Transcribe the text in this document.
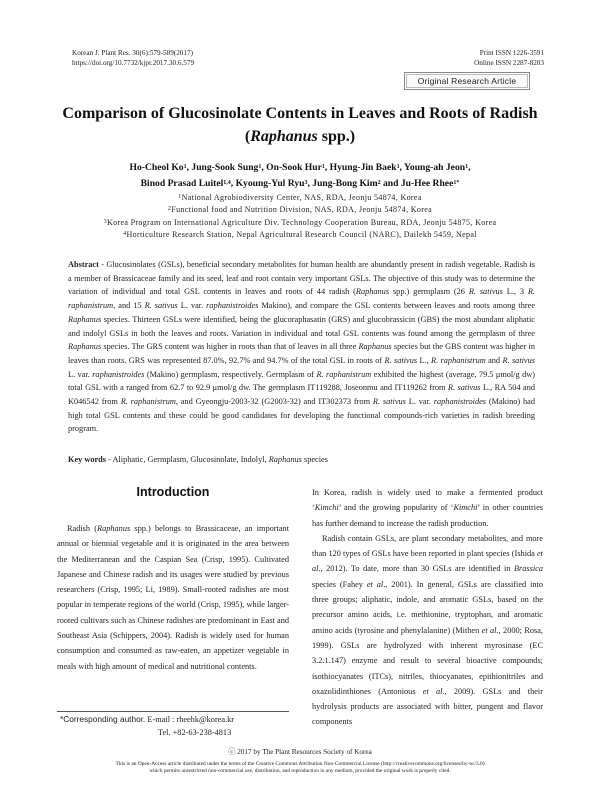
Korean J. Plant Res. 30(6):579-589(2017)
https://doi.org/10.7732/kjpr.2017.30.6.579
Print ISSN 1226-3591
Online ISSN 2287-8203
Original Research Article
Comparison of Glucosinolate Contents in Leaves and Roots of Radish
(Raphanus spp.)
Ho-Cheol Ko$^1$, Jung-Sook Sung$^1$, On-Sook Hur$^1$, Hyung-Jin Baek$^1$, Young-ah Jeon$^1$,
Binod Prasad Luitel$^{1,4}$, Kyoung-Yul Ryu$^3$, Jung-Bong Kim$^2$ and Ju-Hee Rhee$^{1*}$
$^1$National Agrobiodiversity Center, NAS, RDA, Jeonju 54874, Korea
$^2$Functional food and Nutrition Division, NAS, RDA, Jeonju 54874, Korea
$^3$Korea Program on International Agriculture Div. Technology Cooperation Bureau, RDA, Jeonju 54875, Korea
$^4$Horticulture Research Station, Nepal Agricultural Research Council (NARC), Dailekh 5459, Nepal
Abstract - Glucosinolates (GSLs), beneficial secondary metabolites for human health are abundantly present in radish vegetable. Radish is a member of Brassicaceae family and its seed, leaf and root contain very important GSLs. The objective of this study was to determine the variation of individual and total GSL contents in leaves and roots of 44 radish (Raphanus spp.) germplasm (26 R. sativus L., 3 R. raphanistrum, and 15 R. sativus L. var. raphanistroides Makino), and compare the GSL contents between leaves and roots among three Raphanus species. Thirteen GSLs were identified, being the glucoraphasatin (GRS) and glucobrassicin (GBS) the most abundant aliphatic and indolyl GSLs in both the leaves and roots. Variation in individual and total GSL contents was found among the germplasm of three Raphanus species. The GRS content was higher in roots than that of leaves in all three Raphanus species but the GBS content was higher in leaves than roots. GRS was represented 87.0%, 92.7% and 94.7% of the total GSL in roots of R. sativus L., R. raphanistrum and R. sativus L. var. raphanistroides (Makino) germplasm, respectively. Germplasm of R. raphanistrum exhibited the highest (average, 79.5 μmol/g dw) total GSL with a ranged from 62.7 to 92.9 μmol/g dw. The germplasm IT119288, Joseonmu and IT119262 from R. sativus L., RA 504 and K046542 from R. raphanistrum, and Gyeongju-2003-32 (G2003-32) and IT302373 from R. sativus L. var. raphanistroides (Makino) had high total GSL contents and these could be good candidates for developing the functional compounds-rich varieties in radish breeding program.
Key words - Aliphatic, Germplasm, Glucosinolate, Indolyl, Raphanus species
Introduction

Radish (Raphanus spp.) belongs to Brassicaceae, an important annual or biennial vegetable and it is originated in the area between the Mediterranean and the Caspian Sea (Crisp, 1995). Cultivated Japanese and Chinese radish and its usages were studied by previous researchers (Crisp, 1995; Li, 1989). Small-rooted radishes are most popular in temperate regions of the world (Crisp, 1995), while larger-rooted cultivars such as Chinese radishes are predominant in East and Southeast Asia (Schippers, 2004). Radish is widely used for human consumption and consumed as raw-eaten, an appetizer vegetable in meals with high amount of medical and nutritional contents.

In Korea, radish is widely used to make a fermented product ‘Kimchi’ and the growing popularity of ‘Kimchi’ in other countries has further demand to increase the radish production.

Radish contain GSLs, are plant secondary metabolites, and more than 120 types of GSLs have been reported in plant species (Ishida et al., 2012). To date, more than 30 GSLs are identified in Brassica species (Fahey et al., 2001). In general, GSLs are classified into three groups; aliphatic, indole, and aromatic GSLs, based on the precursor amino acids, i.e. methionine, tryptophan, and aromatic amino acids (tyrosine and phenylalanine) (Mithen et al., 2000; Rosa, 1999). GSLs are hydrolyzed with inherent myrosinase (EC 3.2.1.147) enzyme and result to several bioactive compounds; isothiocyanates (ITCs), nitriles, thiocyanates, epithionitriles and oxazolidinthiones (Antonious et al., 2009). GSLs and their hydrolysis products are associated with bitter, pungent and flavor components

*Corresponding author. E-mail : rheehk@korea.kr
Tel. +82-63-238-4813
ⓒ 2017 by The Plant Resources Society of Korea
This is an Open-Access article distributed under the terms of the Creative Commons Attribution Non-Commercial License (http://creativecommons.org/licenses/by-nc/3.0)
which permits unrestricted non-commercial use, distribution, and reproduction in any medium, provided the original work is properly cited.
